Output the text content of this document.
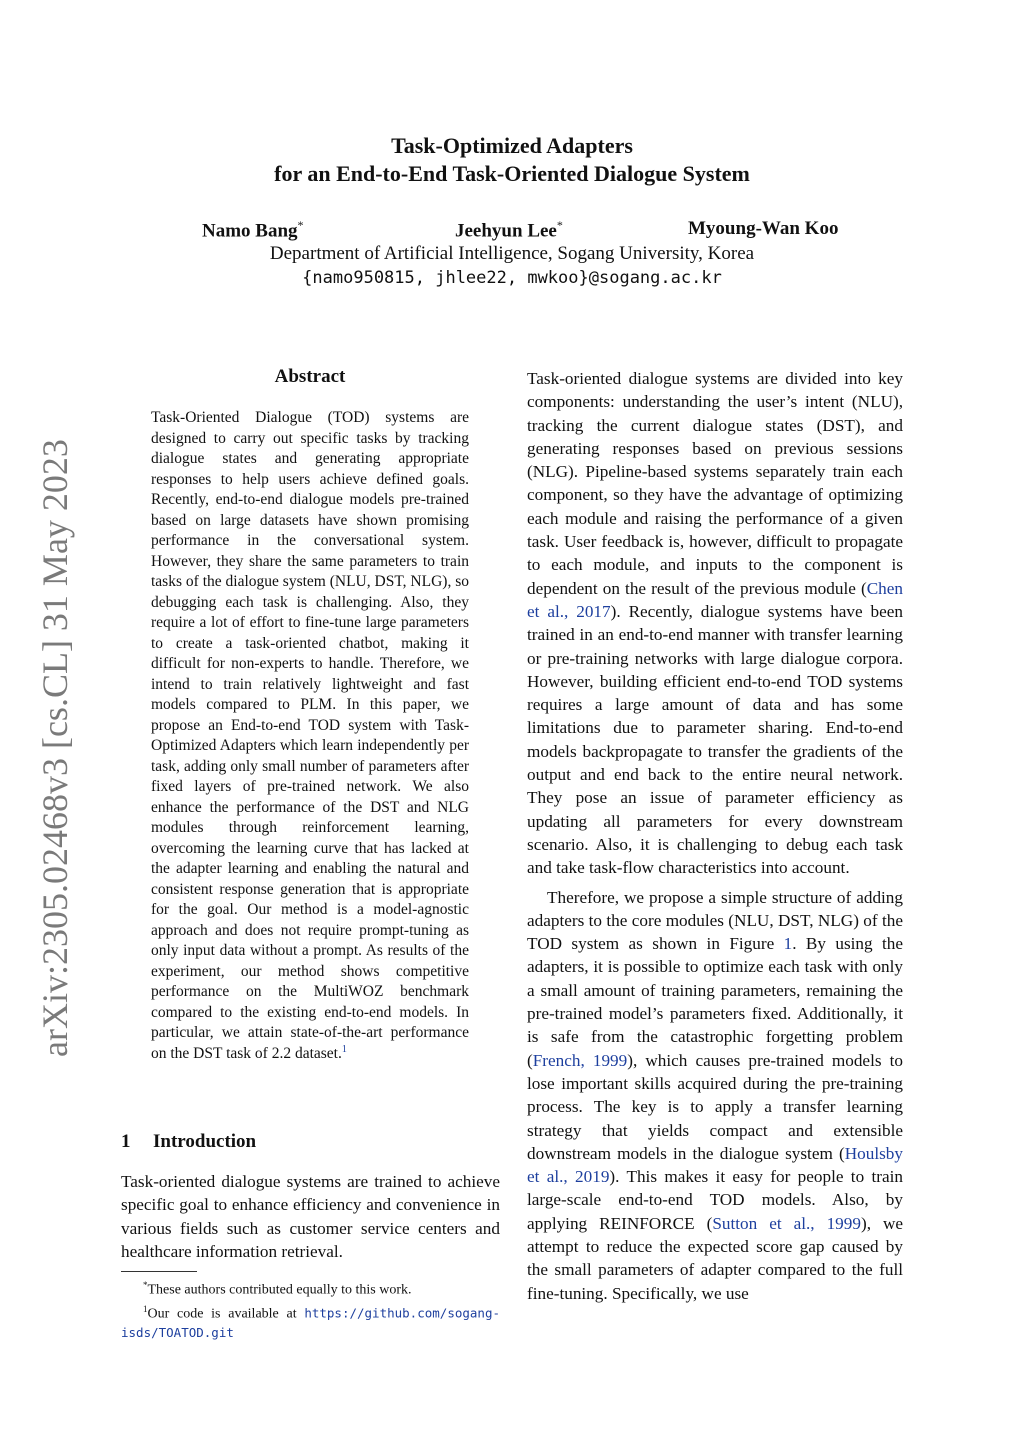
arXiv:2305.02468v3 [cs.CL] 31 May 2023
Task-Optimized Adapters
for an End-to-End Task-Oriented Dialogue System
Namo Bang*	Jeehyun Lee*	Myoung-Wan Koo
Department of Artificial Intelligence, Sogang University, Korea
{namo950815, jhlee22, mwkoo}@sogang.ac.kr
Abstract
Task-Oriented Dialogue (TOD) systems are designed to carry out specific tasks by tracking dialogue states and generating appropriate responses to help users achieve defined goals. Recently, end-to-end dialogue models pre-trained based on large datasets have shown promising performance in the conversational system. However, they share the same parameters to train tasks of the dialogue system (NLU, DST, NLG), so debugging each task is challenging. Also, they require a lot of effort to fine-tune large parameters to create a task-oriented chatbot, making it difficult for non-experts to handle. Therefore, we intend to train relatively lightweight and fast models compared to PLM. In this paper, we propose an End-to-end TOD system with Task-Optimized Adapters which learn independently per task, adding only small number of parameters after fixed layers of pre-trained network. We also enhance the performance of the DST and NLG modules through reinforcement learning, overcoming the learning curve that has lacked at the adapter learning and enabling the natural and consistent response generation that is appropriate for the goal. Our method is a model-agnostic approach and does not require prompt-tuning as only input data without a prompt. As results of the experiment, our method shows competitive performance on the MultiWOZ benchmark compared to the existing end-to-end models. In particular, we attain state-of-the-art performance on the DST task of 2.2 dataset.$^1$
1 Introduction
Task-oriented dialogue systems are trained to achieve specific goal to enhance efficiency and convenience in various fields such as customer service centers and healthcare information retrieval.

*These authors contributed equally to this work.

$^1$Our code is available at https://github.com/sogang-isds/TOATOD.git

Task-oriented dialogue systems are divided into key components: understanding the user’s intent (NLU), tracking the current dialogue states (DST), and generating responses based on previous sessions (NLG). Pipeline-based systems separately train each component, so they have the advantage of optimizing each module and raising the performance of a given task. User feedback is, however, difficult to propagate to each module, and inputs to the component is dependent on the result of the previous module (Chen et al., 2017). Recently, dialogue systems have been trained in an end-to-end manner with transfer learning or pre-training networks with large dialogue corpora. However, building efficient end-to-end TOD systems requires a large amount of data and has some limitations due to parameter sharing. End-to-end models backpropagate to transfer the gradients of the output and end back to the entire neural network. They pose an issue of parameter efficiency as updating all parameters for every downstream scenario. Also, it is challenging to debug each task and take task-flow characteristics into account.

Therefore, we propose a simple structure of adding adapters to the core modules (NLU, DST, NLG) of the TOD system as shown in Figure 1. By using the adapters, it is possible to optimize each task with only a small amount of training parameters, remaining the pre-trained model’s parameters fixed. Additionally, it is safe from the catastrophic forgetting problem (French, 1999), which causes pre-trained models to lose important skills acquired during the pre-training process. The key is to apply a transfer learning strategy that yields compact and extensible downstream models in the dialogue system (Houlsby et al., 2019). This makes it easy for people to train large-scale end-to-end TOD models. Also, by applying REINFORCE (Sutton et al., 1999), we attempt to reduce the expected score gap caused by the small parameters of adapter compared to the full fine-tuning. Specifically, we use
